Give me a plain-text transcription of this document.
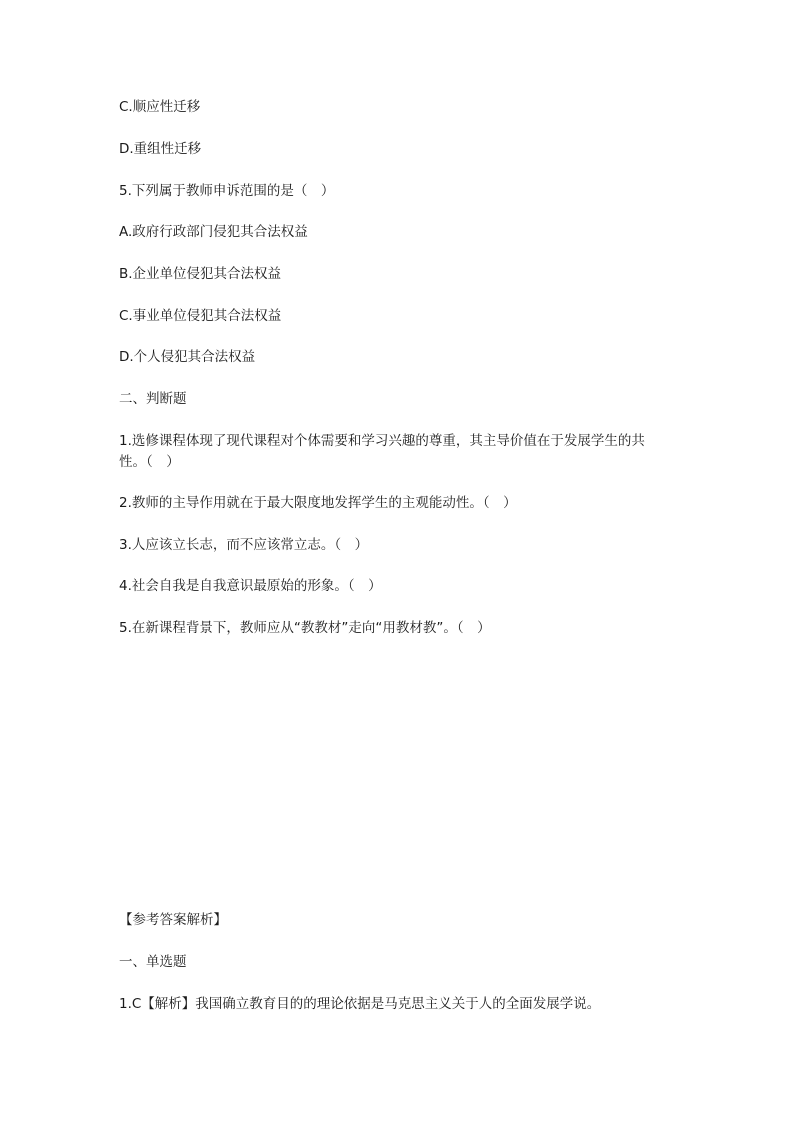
C.顺应性迁移
D.重组性迁移
5.下列属于教师申诉范围的是（　）
A.政府行政部门侵犯其合法权益
B.企业单位侵犯其合法权益
C.事业单位侵犯其合法权益
D.个人侵犯其合法权益
二、判断题
1.选修课程体现了现代课程对个体需要和学习兴趣的尊重，其主导价值在于发展学生的共性。（　）
2.教师的主导作用就在于最大限度地发挥学生的主观能动性。（　）
3.人应该立长志，而不应该常立志。（　）
4.社会自我是自我意识最原始的形象。（　）
5.在新课程背景下，教师应从“教教材”走向“用教材教”。（　）
【参考答案解析】
一、单选题
1.C【解析】我国确立教育目的的理论依据是马克思主义关于人的全面发展学说。
